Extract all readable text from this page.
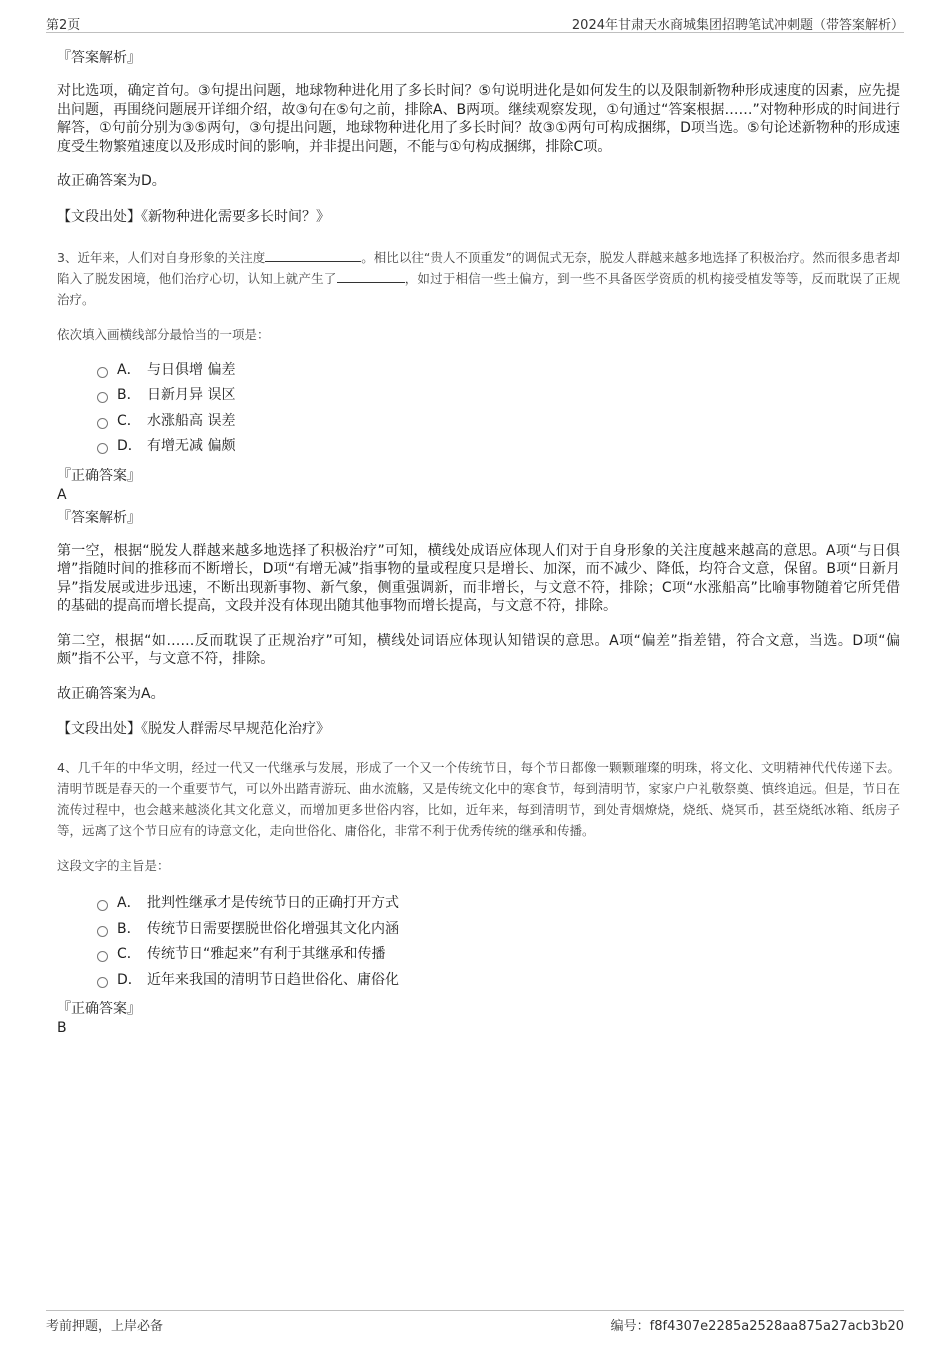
第2页	2024年甘肃天水商城集团招聘笔试冲刺题（带答案解析）

『答案解析』

对比选项，确定首句。③句提出问题，地球物种进化用了多长时间？⑤句说明进化是如何发生的以及限制新物种形成速度的因素，应先提出问题，再围绕问题展开详细介绍，故③句在⑤句之前，排除A、B两项。继续观察发现，①句通过“答案根据……”对物种形成的时间进行解答，①句前分别为③⑤两句，③句提出问题，地球物种进化用了多长时间？故③①两句可构成捆绑，D项当选。⑤句论述新物种的形成速度受生物繁殖速度以及形成时间的影响，并非提出问题，不能与①句构成捆绑，排除C项。

故正确答案为D。

【文段出处】《新物种进化需要多长时间？》

3、近年来，人们对自身形象的关注度	。相比以往“贵人不顶重发”的调侃式无奈，脱发人群越来越多地选择了积极治疗。然而很多患者却陷入了脱发困境，他们治疗心切，认知上就产生了	，如过于相信一些土偏方，到一些不具备医学资质的机构接受植发等等，反而耽误了正规治疗。

依次填入画横线部分最恰当的一项是：

A． 与日俱增 偏差
B． 日新月异 误区
C． 水涨船高 误差
D． 有增无减 偏颇

『正确答案』

A

『答案解析』

第一空，根据“脱发人群越来越多地选择了积极治疗”可知，横线处成语应体现人们对于自身形象的关注度越来越高的意思。A项“与日俱增”指随时间的推移而不断增长，D项“有增无减”指事物的量或程度只是增长、加深，而不减少、降低，均符合文意，保留。B项“日新月异”指发展或进步迅速，不断出现新事物、新气象，侧重强调新，而非增长，与文意不符，排除；C项“水涨船高”比喻事物随着它所凭借的基础的提高而增长提高，文段并没有体现出随其他事物而增长提高，与文意不符，排除。

第二空，根据“如……反而耽误了正规治疗”可知，横线处词语应体现认知错误的意思。A项“偏差”指差错，符合文意，当选。D项“偏颇”指不公平，与文意不符，排除。

故正确答案为A。

【文段出处】《脱发人群需尽早规范化治疗》

4、几千年的中华文明，经过一代又一代继承与发展，形成了一个又一个传统节日，每个节日都像一颗颗璀璨的明珠，将文化、文明精神代代传递下去。清明节既是春天的一个重要节气，可以外出踏青游玩、曲水流觞，又是传统文化中的寒食节，每到清明节，家家户户礼敬祭奠、慎终追远。但是，节日在流传过程中，也会越来越淡化其文化意义，而增加更多世俗内容，比如，近年来，每到清明节，到处青烟燎烧，烧纸、烧冥币，甚至烧纸冰箱、纸房子等，远离了这个节日应有的诗意文化，走向世俗化、庸俗化，非常不利于优秀传统的继承和传播。

这段文字的主旨是：

A． 批判性继承才是传统节日的正确打开方式
B． 传统节日需要摆脱世俗化增强其文化内涵
C． 传统节日“雅起来”有利于其继承和传播
D． 近年来我国的清明节日趋世俗化、庸俗化

『正确答案』

B

考前押题，上岸必备	编号：f8f4307e2285a2528aa875a27acb3b20
